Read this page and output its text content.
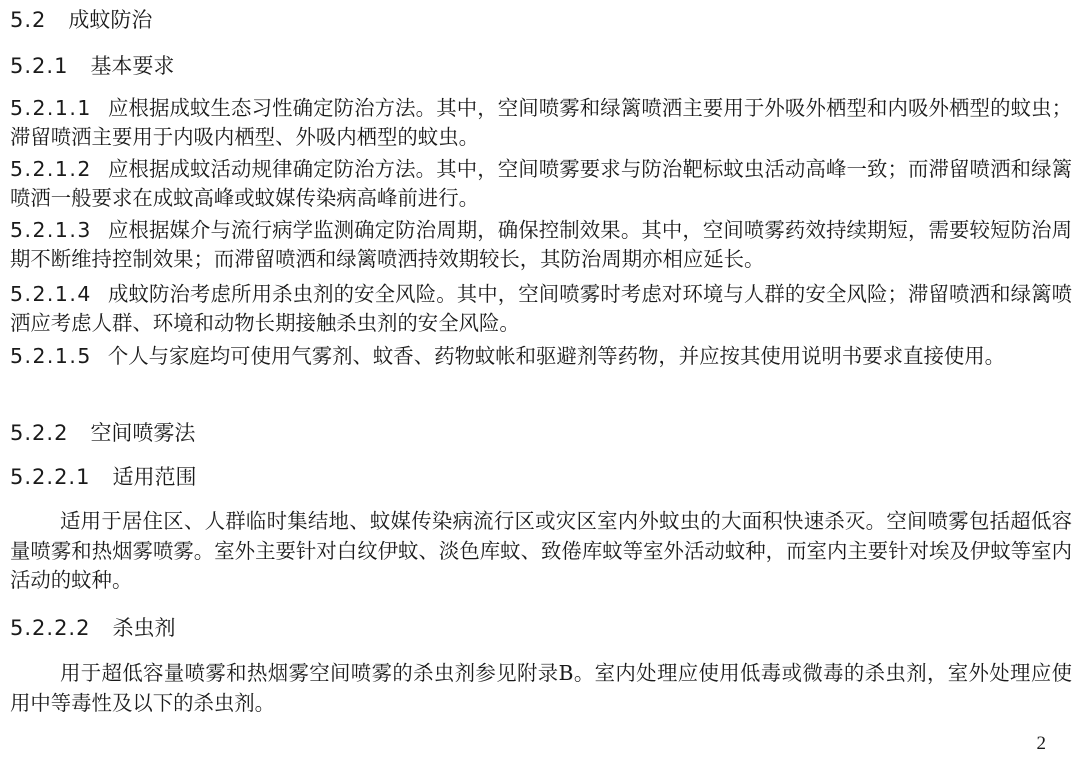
5.2 成蚊防治
5.2.1 基本要求
5.2.1.1 应根据成蚊生态习性确定防治方法。其中，空间喷雾和绿篱喷洒主要用于外吸外栖型和内吸外栖型的蚊虫；滞留喷洒主要用于内吸内栖型、外吸内栖型的蚊虫。
5.2.1.2 应根据成蚊活动规律确定防治方法。其中，空间喷雾要求与防治靶标蚊虫活动高峰一致；而滞留喷洒和绿篱喷洒一般要求在成蚊高峰或蚊媒传染病高峰前进行。
5.2.1.3 应根据媒介与流行病学监测确定防治周期，确保控制效果。其中，空间喷雾药效持续期短，需要较短防治周期不断维持控制效果；而滞留喷洒和绿篱喷洒持效期较长，其防治周期亦相应延长。
5.2.1.4 成蚊防治考虑所用杀虫剂的安全风险。其中，空间喷雾时考虑对环境与人群的安全风险；滞留喷洒和绿篱喷洒应考虑人群、环境和动物长期接触杀虫剂的安全风险。
5.2.1.5 个人与家庭均可使用气雾剂、蚊香、药物蚊帐和驱避剂等药物，并应按其使用说明书要求直接使用。
5.2.2 空间喷雾法
5.2.2.1 适用范围
适用于居住区、人群临时集结地、蚊媒传染病流行区或灾区室内外蚊虫的大面积快速杀灭。空间喷雾包括超低容量喷雾和热烟雾喷雾。室外主要针对白纹伊蚊、淡色库蚊、致倦库蚊等室外活动蚊种，而室内主要针对埃及伊蚊等室内活动的蚊种。
5.2.2.2 杀虫剂
用于超低容量喷雾和热烟雾空间喷雾的杀虫剂参见附录B。室内处理应使用低毒或微毒的杀虫剂，室外处理应使用中等毒性及以下的杀虫剂。
2
